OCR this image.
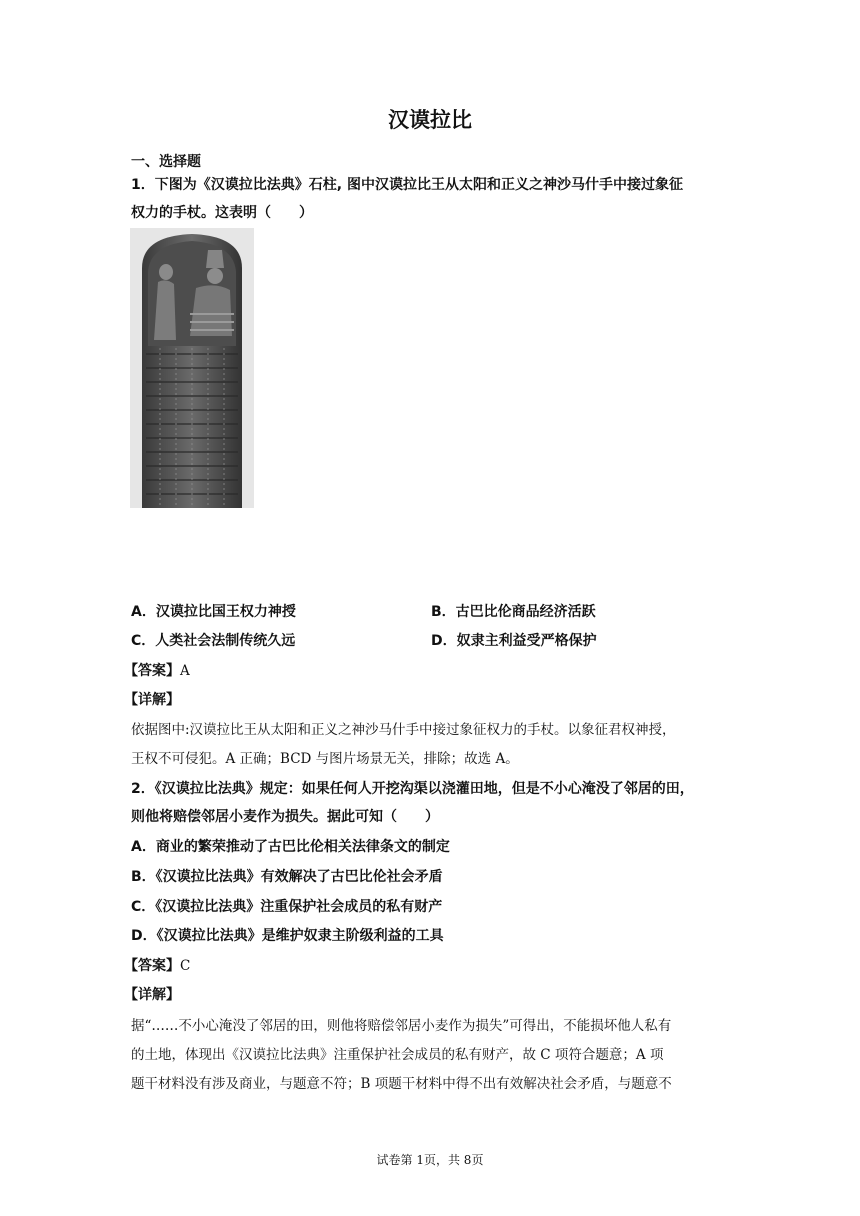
汉谟拉比
一、选择题
1．下图为《汉谟拉比法典》石柱, 图中汉谟拉比王从太阳和正义之神沙马什手中接过象征
权力的手杖。这表明（　　）
A．汉谟拉比国王权力神授	B．古巴比伦商品经济活跃
C．人类社会法制传统久远	D．奴隶主利益受严格保护
【答案】A
【详解】
依据图中:汉谟拉比王从太阳和正义之神沙马什手中接过象征权力的手杖。以象征君权神授，
王权不可侵犯。A 正确；BCD 与图片场景无关，排除；故选 A。
2．《汉谟拉比法典》规定：如果任何人开挖沟渠以浇灌田地，但是不小心淹没了邻居的田，
则他将赔偿邻居小麦作为损失。据此可知（　　）
A．商业的繁荣推动了古巴比伦相关法律条文的制定
B．《汉谟拉比法典》有效解决了古巴比伦社会矛盾
C．《汉谟拉比法典》注重保护社会成员的私有财产
D．《汉谟拉比法典》是维护奴隶主阶级利益的工具
【答案】C
【详解】
据“……不小心淹没了邻居的田，则他将赔偿邻居小麦作为损失”可得出，不能损坏他人私有
的土地，体现出《汉谟拉比法典》注重保护社会成员的私有财产，故 C 项符合题意；A 项
题干材料没有涉及商业，与题意不符；B 项题干材料中得不出有效解决社会矛盾，与题意不
试卷第 1页，共 8页
